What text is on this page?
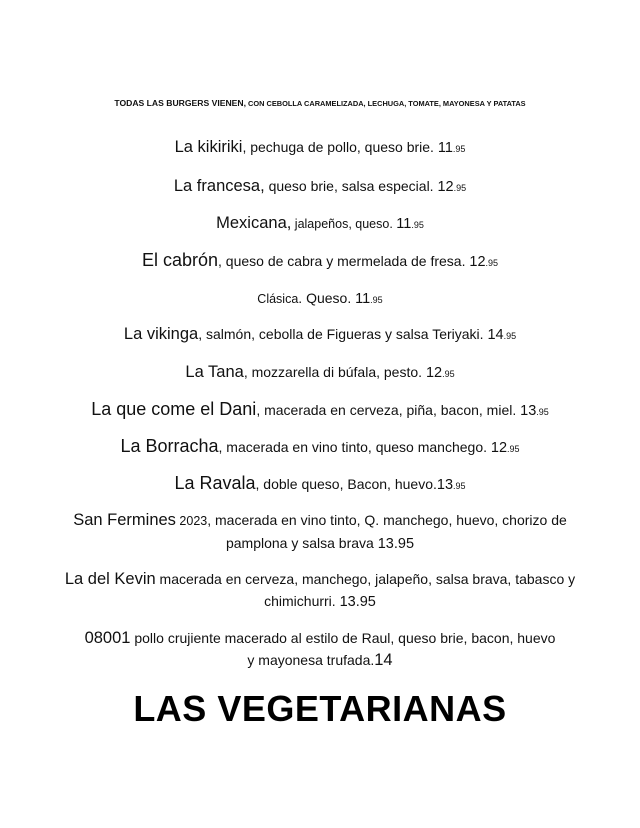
TODAS LAS BURGERS VIENEN, CON CEBOLLA CARAMELIZADA, LECHUGA, TOMATE, MAYONESA Y PATATAS
La kikiriki, pechuga de pollo, queso brie. 11.95
La francesa, queso brie, salsa especial. 12.95
Mexicana, jalapeños, queso. 11.95
El cabrón, queso de cabra y mermelada de fresa. 12.95
Clásica. Queso. 11.95
La vikinga, salmón, cebolla de Figueras y salsa Teriyaki. 14.95
La Tana, mozzarella di búfala, pesto. 12.95
La que come el Dani, macerada en cerveza, piña, bacon, miel. 13.95
La Borracha, macerada en vino tinto, queso manchego. 12.95
La Ravala, doble queso, Bacon, huevo.13.95
San Fermines 2023, macerada en vino tinto, Q. manchego, huevo, chorizo de pamplona y salsa brava 13.95
La del Kevin macerada en cerveza, manchego, jalapeño, salsa brava, tabasco y chimichurri. 13.95
08001 pollo crujiente macerado al estilo de Raul, queso brie, bacon, huevo y mayonesa trufada.14
LAS VEGETARIANAS
